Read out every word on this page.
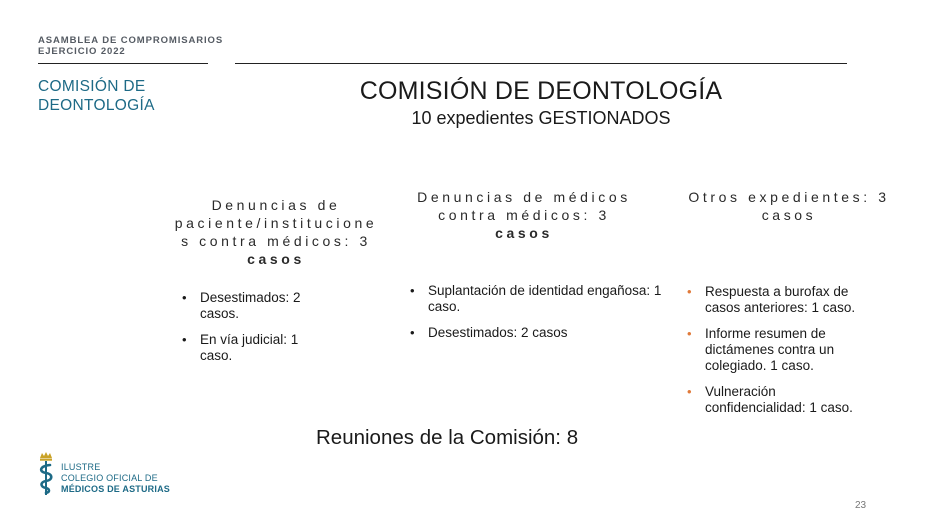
ASAMBLEA DE COMPROMISARIOS
EJERCICIO 2022
COMISIÓN DE
DEONTOLOGÍA
COMISIÓN DE DEONTOLOGÍA
10 expedientes GESTIONADOS
Denuncias de
paciente/institucione
s contra médicos: 3
casos
• Desestimados: 2 casos.
• En vía judicial: 1 caso.
Denuncias de médicos
contra médicos: 3
casos
• Suplantación de identidad engañosa: 1 caso.
• Desestimados: 2 casos
Otros expedientes: 3
casos
• Respuesta a burofax de casos anteriores: 1 caso.
• Informe resumen de dictámenes contra un colegiado. 1 caso.
• Vulneración confidencialidad: 1 caso.
Reuniones de la Comisión: 8
ILUSTRE
COLEGIO OFICIAL DE
MÉDICOS DE ASTURIAS
23
